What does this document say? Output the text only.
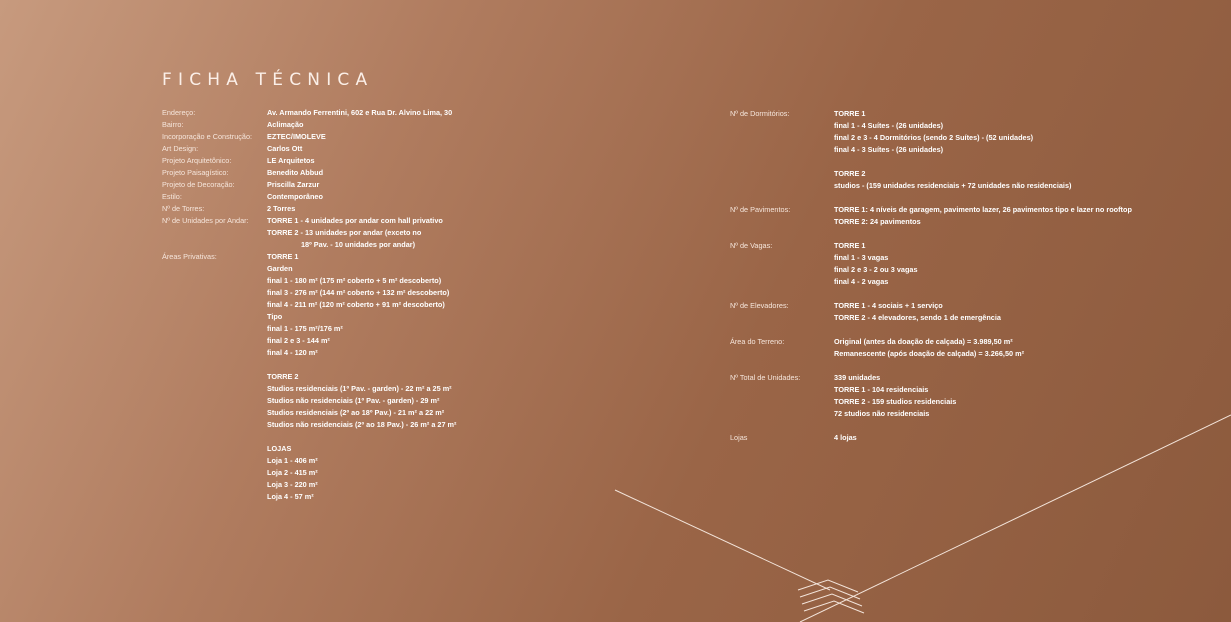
FICHA TÉCNICA
Endereço:	Av. Armando Ferrentini, 602 e Rua Dr. Alvino Lima, 30
Bairro:	Aclimação
Incorporação e Construção:	EZTEC/IMOLEVE
Art Design:	Carlos Ott
Projeto Arquitetônico:	LE Arquitetos
Projeto Paisagístico:	Benedito Abbud
Projeto de Decoração:	Priscilla Zarzur
Estilo:	Contemporâneo
Nº de Torres:	2 Torres
Nº de Unidades por Andar:	TORRE 1 - 4 unidades por andar com hall privativo
TORRE 2 - 13 unidades por andar (exceto no
18º Pav. - 10 unidades por andar)
Áreas Privativas:	TORRE 1
Garden
final 1 - 180 m² (175 m² coberto + 5 m² descoberto)
final 3 - 276 m² (144 m² coberto + 132 m² descoberto)
final 4 - 211 m² (120 m² coberto + 91 m² descoberto)
Tipo
final 1 - 175 m²/176 m²
final 2 e 3 - 144 m²
final 4 - 120 m²
TORRE 2
Studios residenciais (1º Pav. - garden) - 22 m² a 25 m²
Studios não residenciais (1º Pav. - garden) - 29 m²
Studios residenciais (2º ao 18º Pav.) - 21 m² a 22 m²
Studios não residenciais (2º ao 18 Pav.) - 26 m² a 27 m²
LOJAS
Loja 1 - 406 m²
Loja 2 - 415 m²
Loja 3 - 220 m²
Loja 4 - 57 m²
Nº de Dormitórios:	TORRE 1
final 1 - 4 Suítes - (26 unidades)
final 2 e 3 - 4 Dormitórios (sendo 2 Suítes) - (52 unidades)
final 4 - 3 Suítes - (26 unidades)
TORRE 2
studios - (159 unidades residenciais + 72 unidades não residenciais)
Nº de Pavimentos:	TORRE 1: 4 níveis de garagem, pavimento lazer, 26 pavimentos tipo e lazer no rooftop
TORRE 2: 24 pavimentos
Nº de Vagas:	TORRE 1
final 1 - 3 vagas
final 2 e 3 - 2 ou 3 vagas
final 4 - 2 vagas
Nº de Elevadores:	TORRE 1 - 4 sociais + 1 serviço
TORRE 2 - 4 elevadores, sendo 1 de emergência
Área do Terreno:	Original (antes da doação de calçada) = 3.989,50 m²
Remanescente (após doação de calçada) = 3.266,50 m²
Nº Total de Unidades:	339 unidades
TORRE 1 - 104 residenciais
TORRE 2 - 159 studios residenciais
72 studios não residenciais
Lojas	4 lojas
